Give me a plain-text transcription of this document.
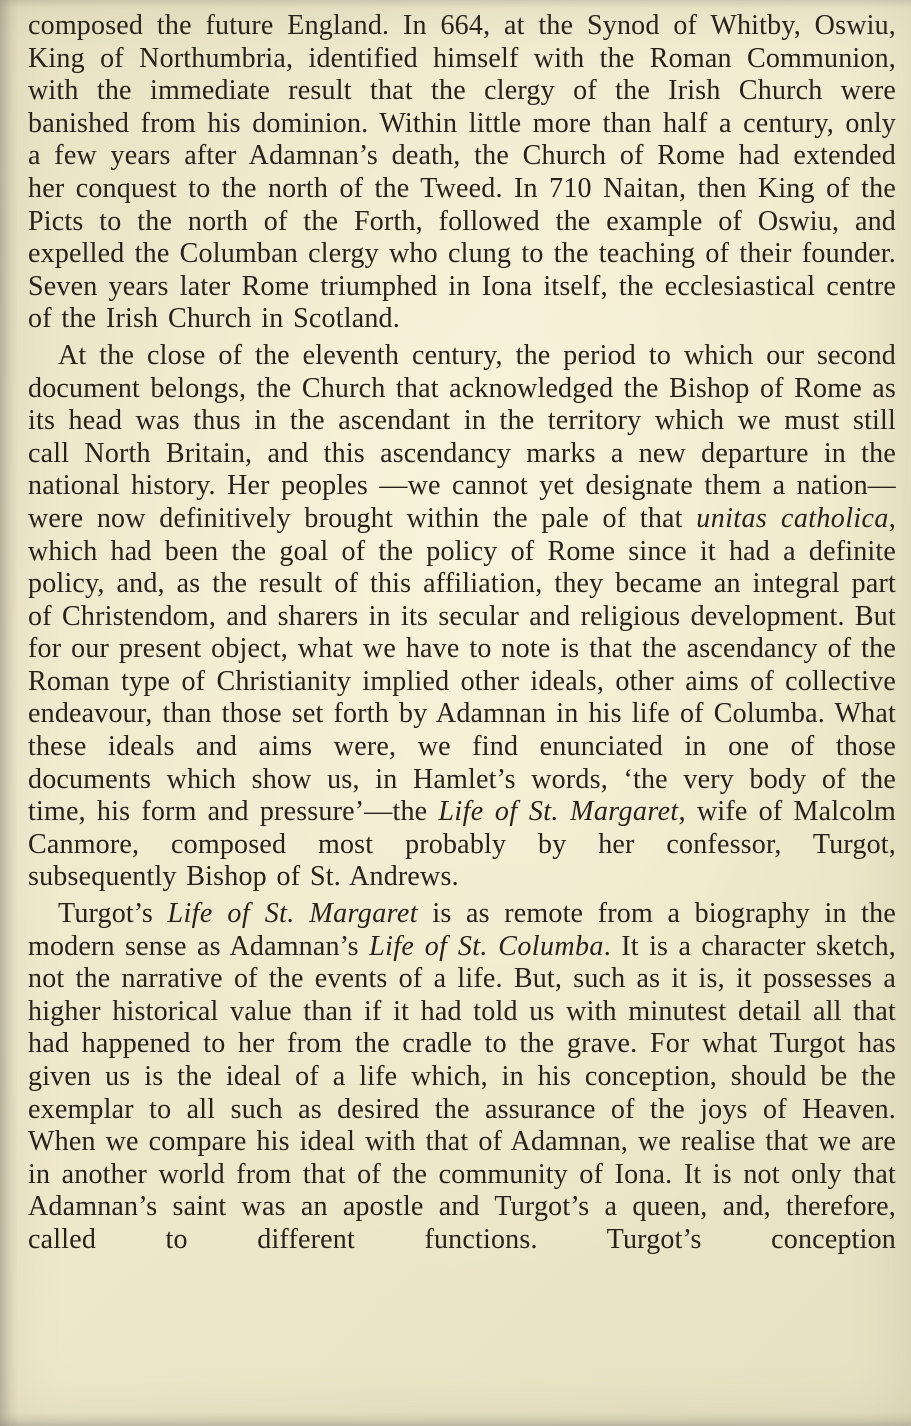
composed the future England. In 664, at the Synod of Whitby, Oswiu, King of Northumbria, identified himself with the Roman Communion, with the immediate result that the clergy of the Irish Church were banished from his dominion. Within little more than half a century, only a few years after Adamnan’s death, the Church of Rome had extended her conquest to the north of the Tweed. In 710 Naitan, then King of the Picts to the north of the Forth, followed the example of Oswiu, and expelled the Columban clergy who clung to the teaching of their founder. Seven years later Rome triumphed in Iona itself, the ecclesiastical centre of the Irish Church in Scotland.

At the close of the eleventh century, the period to which our second document belongs, the Church that acknowledged the Bishop of Rome as its head was thus in the ascendant in the territory which we must still call North Britain, and this ascendancy marks a new departure in the national history. Her peoples —we cannot yet designate them a nation—were now definitively brought within the pale of that unitas catholica, which had been the goal of the policy of Rome since it had a definite policy, and, as the result of this affiliation, they became an integral part of Christendom, and sharers in its secular and religious development. But for our present object, what we have to note is that the ascendancy of the Roman type of Christianity implied other ideals, other aims of collective endeavour, than those set forth by Adamnan in his life of Columba. What these ideals and aims were, we find enunciated in one of those documents which show us, in Hamlet’s words, ‘the very body of the time, his form and pressure’—the Life of St. Margaret, wife of Malcolm Canmore, composed most probably by her confessor, Turgot, subsequently Bishop of St. Andrews.

Turgot’s Life of St. Margaret is as remote from a biography in the modern sense as Adamnan’s Life of St. Columba. It is a character sketch, not the narrative of the events of a life. But, such as it is, it possesses a higher historical value than if it had told us with minutest detail all that had happened to her from the cradle to the grave. For what Turgot has given us is the ideal of a life which, in his conception, should be the exemplar to all such as desired the assurance of the joys of Heaven. When we compare his ideal with that of Adamnan, we realise that we are in another world from that of the community of Iona. It is not only that Adamnan’s saint was an apostle and Turgot’s a queen, and, therefore, called to different functions. Turgot’s conception
